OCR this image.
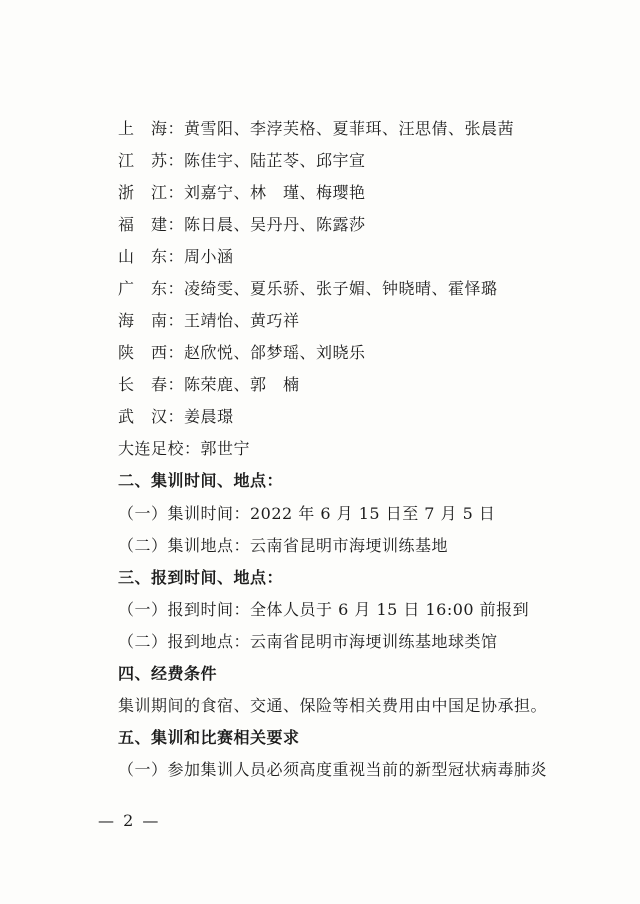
上　海：黄雪阳、李浡芙格、夏菲珥、汪思倩、张晨茜
江　苏：陈佳宇、陆芷苓、邱宇宣
浙　江：刘嘉宁、林　瑾、梅璎艳
福　建：陈日晨、吴丹丹、陈露莎
山　东：周小涵
广　东：凌绮雯、夏乐骄、张子媚、钟晓晴、霍怿璐
海　南：王靖怡、黄巧祥
陕　西：赵欣悦、郃梦瑶、刘晓乐
长　春：陈荣鹿、郭　楠
武　汉：姜晨璟
大连足校：郭世宁
二、集训时间、地点：
（一）集训时间：2022 年 6 月 15 日至 7 月 5 日
（二）集训地点：云南省昆明市海埂训练基地
三、报到时间、地点：
（一）报到时间：全体人员于 6 月 15 日 16:00 前报到
（二）报到地点：云南省昆明市海埂训练基地球类馆
四、经费条件
集训期间的食宿、交通、保险等相关费用由中国足协承担。
五、集训和比赛相关要求
（一）参加集训人员必须高度重视当前的新型冠状病毒肺炎
— 2 —
